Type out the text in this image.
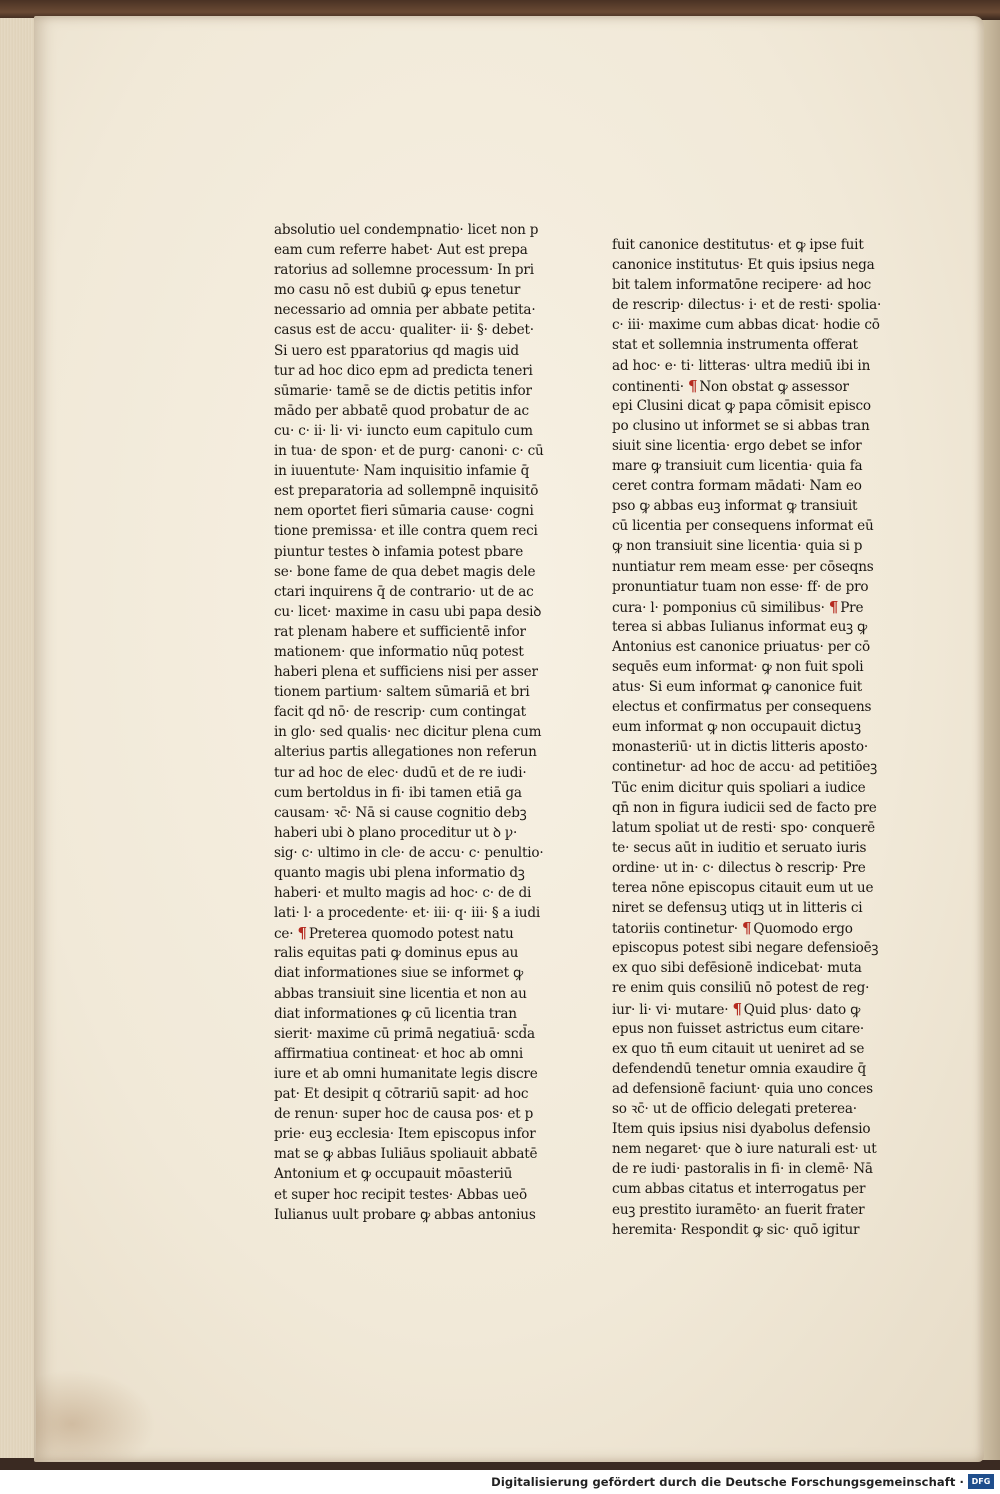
absolutio uel condempnatio· licet non p
eam cum referre habet· Aut est prepa
ratorius ad sollemne processum· In pri
mo casu nō est dubiū ꝙ epus tenetur
necessario ad omnia per abbate petita·
casus est de accu· qualiter· ii· §· debet·
Si uero est pparatorius qd magis uid
tur ad hoc dico epm ad predicta teneri
sūmarie· tamē se de dictis petitis infor
mādo per abbatē quod probatur de ac
cu· c· ii· li· vi· iuncto eum capitulo cum
in tua· de spon· et de purg· canoni· c· cū
in iuuentute· Nam inquisitio infamie q̄
est preparatoria ad sollempnē inquisitō
nem oportet fieri sūmaria cause· cogni
tione premissa· et ille contra quem reci
piuntur testes ꝺ infamia potest pbare
se· bone fame de qua debet magis dele
ctari inquirens q̄ de contrario· ut de ac
cu· licet· maxime in casu ubi papa desiꝺ
rat plenam habere et sufficientē infor
mationem· que informatio nūq potest
haberi plena et sufficiens nisi per asser
tionem partium· saltem sūmariā et bri
facit qd nō· de rescrip· cum contingat
in glo· sed qualis· nec dicitur plena cum
alterius partis allegationes non referun
tur ad hoc de elec· dudū et de re iudi·
cum bertoldus in fi· ibi tamen etiā ga
causam· ꝛc̄· Nā si cause cognitio debꝫ
haberi ubi ꝺ plano proceditur ut ꝺ ꝩ·
sig· c· ultimo in cle· de accu· c· penultio·
quanto magis ubi plena informatio dꝫ
haberi· et multo magis ad hoc· c· de di
lati· l· a procedente· et· iii· q· iii· § a iudi
ce· ¶ Preterea quomodo potest natu
ralis equitas pati ꝙ dominus epus au
diat informationes siue se informet ꝙ
abbas transiuit sine licentia et non au
diat informationes ꝙ cū licentia tran
sierit· maxime cū primā negatiuā· scd̄a
affirmatiua contineat· et hoc ab omni
iure et ab omni humanitate legis discre
pat· Et desipit q cōtrariū sapit· ad hoc
de renun· super hoc de causa pos· et p
prie· euꝫ ecclesia· Item episcopus infor
mat se ꝙ abbas Iuliāus spoliauit abbatē
Antonium et ꝙ occupauit mōasteriū
et super hoc recipit testes· Abbas ueō
Iulianus uult probare ꝙ abbas antonius
fuit canonice destitutus· et ꝙ ipse fuit
canonice institutus· Et quis ipsius nega
bit talem informatōne recipere· ad hoc
de rescrip· dilectus· i· et de resti· spolia·
c· iii· maxime cum abbas dicat· hodie cō
stat et sollemnia instrumenta offerat
ad hoc· e· ti· litteras· ultra mediū ibi in
continenti· ¶ Non obstat ꝙ assessor
epi Clusini dicat ꝙ papa cōmisit episco
po clusino ut informet se si abbas tran
siuit sine licentia· ergo debet se infor
mare ꝙ transiuit cum licentia· quia fa
ceret contra formam mādati· Nam eo
pso ꝙ abbas euꝫ informat ꝙ transiuit
cū licentia per consequens informat eū
ꝙ non transiuit sine licentia· quia si p
nuntiatur rem meam esse· per cōseqns
pronuntiatur tuam non esse· ff· de pro
cura· l· pomponius cū similibus· ¶ Pre
terea si abbas Iulianus informat euꝫ ꝙ
Antonius est canonice priuatus· per cō
sequēs eum informat· ꝙ non fuit spoli
atus· Si eum informat ꝙ canonice fuit
electus et confirmatus per consequens
eum informat ꝙ non occupauit dictuꝫ
monasteriū· ut in dictis litteris aposto·
continetur· ad hoc de accu· ad petitiōeꝫ
Tūc enim dicitur quis spoliari a iudice
qn̄ non in figura iudicii sed de facto pre
latum spoliat ut de resti· spo· conquerē
te· secus aūt in iuditio et seruato iuris
ordine· ut in· c· dilectus ꝺ rescrip· Pre
terea nōne episcopus citauit eum ut ue
niret se defensuꝫ utiqꝫ ut in litteris ci
tatoriis continetur· ¶ Quomodo ergo
episcopus potest sibi negare defensioēꝫ
ex quo sibi defēsionē indicebat· muta
re enim quis consiliū nō potest de reg·
iur· li· vi· mutare· ¶ Quid plus· dato ꝙ
epus non fuisset astrictus eum citare·
ex quo tn̄ eum citauit ut ueniret ad se
defendendū tenetur omnia exaudire q̄
ad defensionē faciunt· quia uno conces
so ꝛc̄· ut de officio delegati preterea·
Item quis ipsius nisi dyabolus defensio
nem negaret· que ꝺ iure naturali est· ut
de re iudi· pastoralis in fi· in clemē· Nā
cum abbas citatus et interrogatus per
euꝫ prestito iuramēto· an fuerit frater
heremita· Respondit ꝙ sic· quō igitur
Digitalisierung gefördert durch die Deutsche Forschungsgemeinschaft · DFG
